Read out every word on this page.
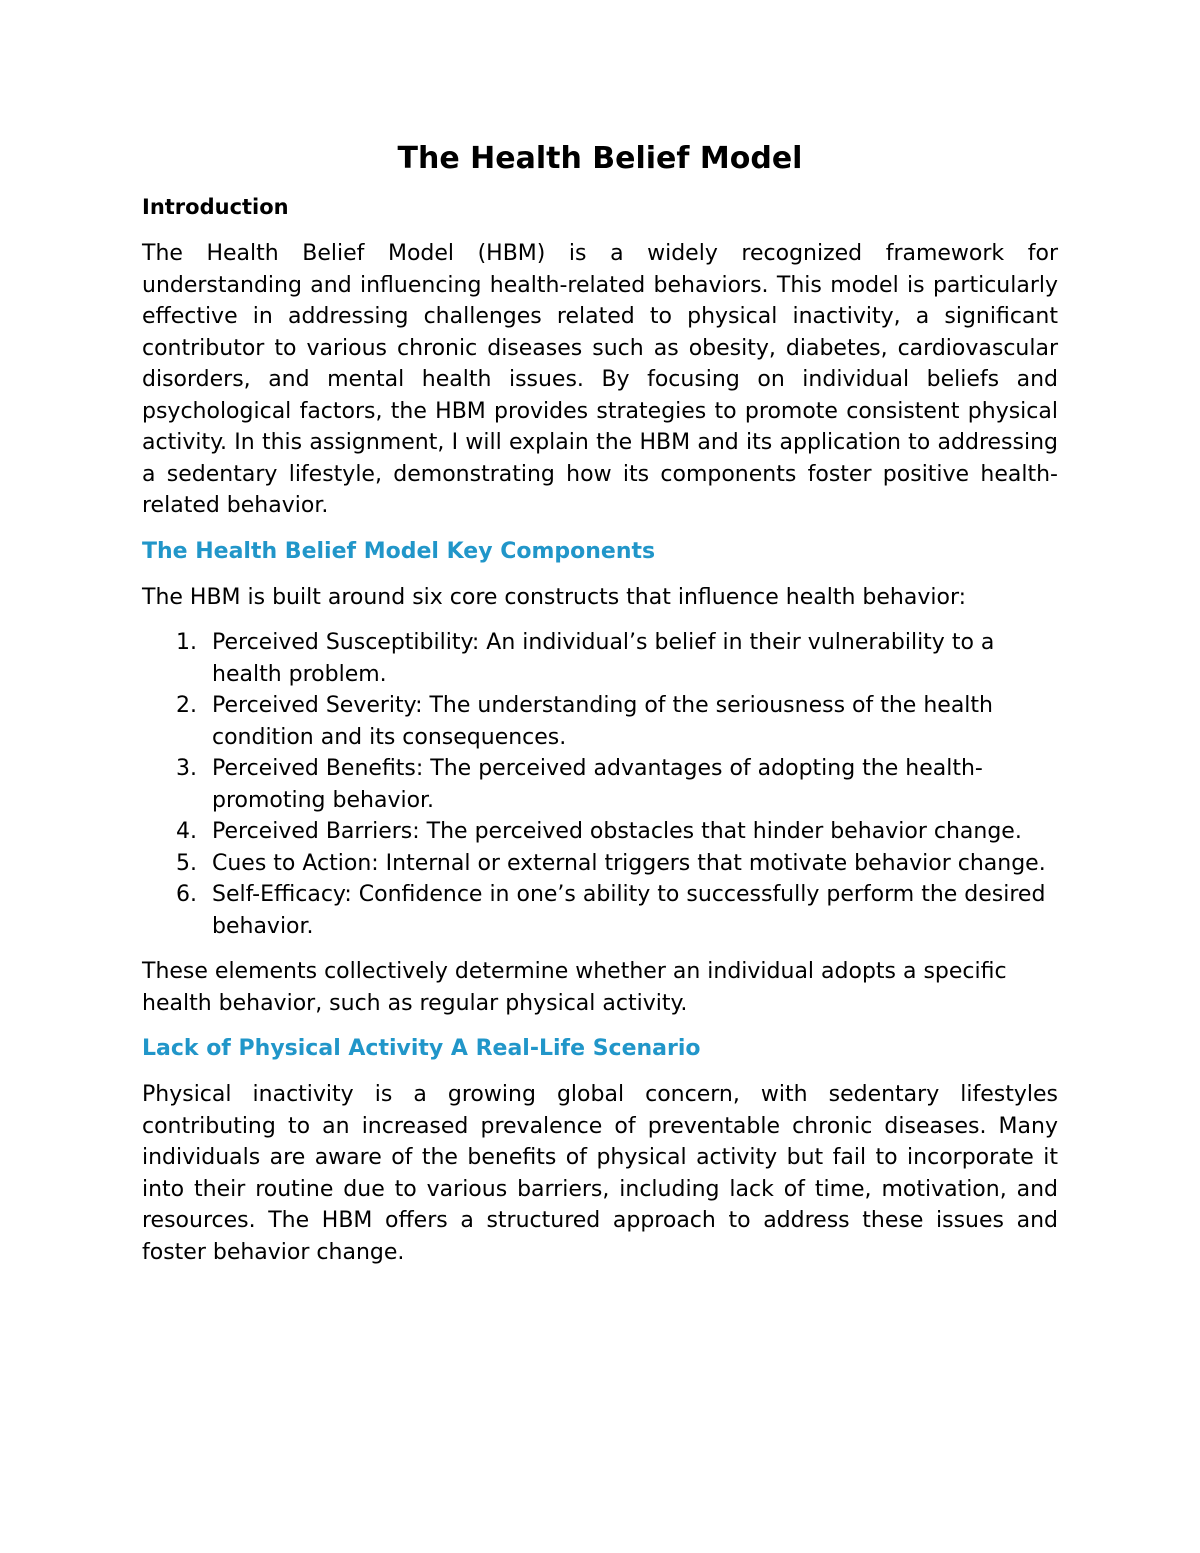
The Health Belief Model
Introduction

The Health Belief Model (HBM) is a widely recognized framework for understanding and influencing health-related behaviors. This model is particularly effective in addressing challenges related to physical inactivity, a significant contributor to various chronic diseases such as obesity, diabetes, cardiovascular disorders, and mental health issues. By focusing on individual beliefs and psychological factors, the HBM provides strategies to promote consistent physical activity. In this assignment, I will explain the HBM and its application to addressing a sedentary lifestyle, demonstrating how its components foster positive health-related behavior.

The Health Belief Model Key Components

The HBM is built around six core constructs that influence health behavior:

1. Perceived Susceptibility: An individual’s belief in their vulnerability to a health problem.
2. Perceived Severity: The understanding of the seriousness of the health condition and its consequences.
3. Perceived Benefits: The perceived advantages of adopting the health-promoting behavior.
4. Perceived Barriers: The perceived obstacles that hinder behavior change.
5. Cues to Action: Internal or external triggers that motivate behavior change.
6. Self-Efficacy: Confidence in one’s ability to successfully perform the desired behavior.

These elements collectively determine whether an individual adopts a specific health behavior, such as regular physical activity.

Lack of Physical Activity A Real-Life Scenario

Physical inactivity is a growing global concern, with sedentary lifestyles contributing to an increased prevalence of preventable chronic diseases. Many individuals are aware of the benefits of physical activity but fail to incorporate it into their routine due to various barriers, including lack of time, motivation, and resources. The HBM offers a structured approach to address these issues and foster behavior change.
